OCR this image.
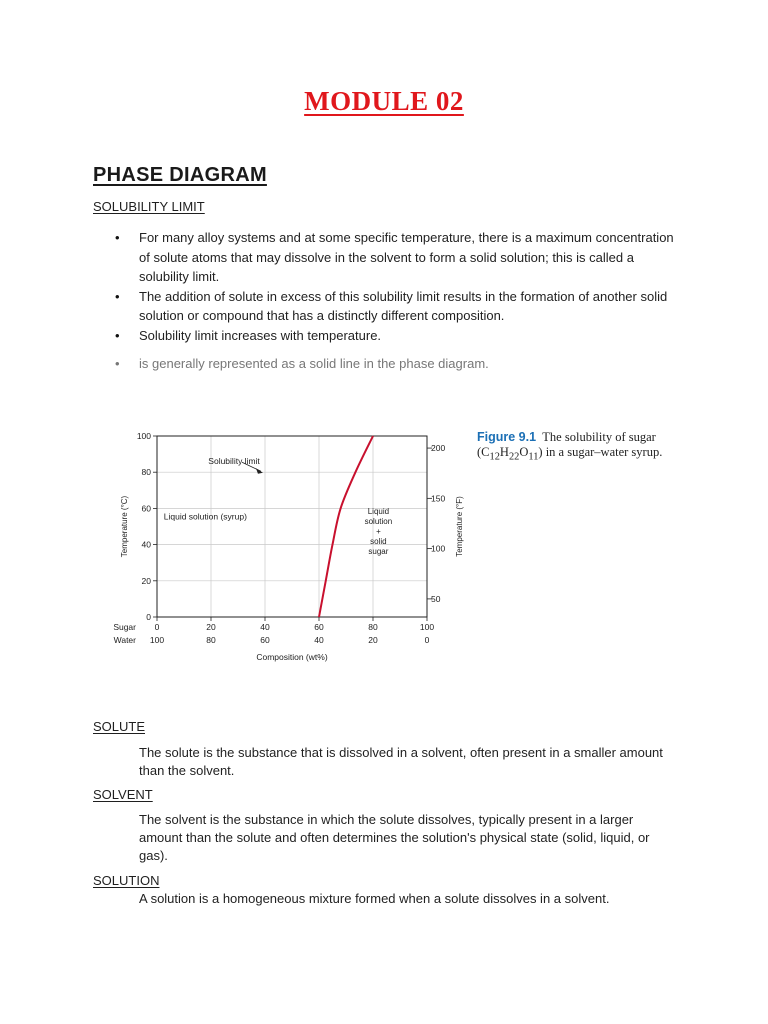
MODULE 02
PHASE DIAGRAM
SOLUBILITY LIMIT
• For many alloy systems and at some specific temperature, there is a maximum concentration of solute atoms that may dissolve in the solvent to form a solid solution; this is called a solubility limit.
• The addition of solute in excess of this solubility limit results in the formation of another solid solution or compound that has a distinctly different composition.
• Solubility limit increases with temperature.
• is generally represented as a solid line in the phase diagram.
0
100
20
80
40
60
60
40
80
20
100
0
0
20
40
60
80
100
50
100
150
200
Solubility limit
Liquid solution (syrup)	Liquid
solution
+
solid
sugar
Temperature (°C)	Temperature (°F)
Composition (wt%)
Sugar
Water
Figure 9.1 The solubility of sugar $(C_{12}H_{22}O_{11})$ in a sugar–water syrup.
SOLUTE
The solute is the substance that is dissolved in a solvent, often present in a smaller amount than the solvent.
SOLVENT
The solvent is the substance in which the solute dissolves, typically present in a larger amount than the solute and often determines the solution's physical state (solid, liquid, or gas).
SOLUTION
A solution is a homogeneous mixture formed when a solute dissolves in a solvent.
